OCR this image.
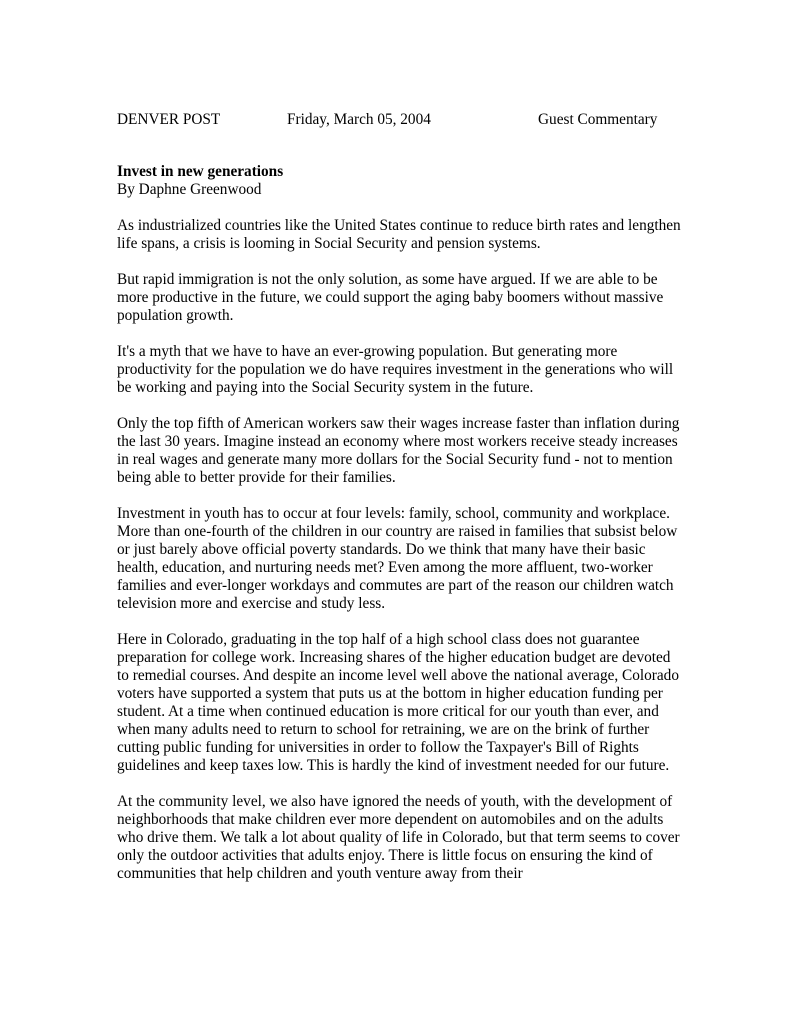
DENVER POST	Friday, March 05, 2004	Guest Commentary

Invest in new generations

By Daphne Greenwood

As industrialized countries like the United States continue to reduce birth rates and lengthen life spans, a crisis is looming in Social Security and pension systems.

But rapid immigration is not the only solution, as some have argued. If we are able to be more productive in the future, we could support the aging baby boomers without massive population growth.

It's a myth that we have to have an ever-growing population. But generating more productivity for the population we do have requires investment in the generations who will be working and paying into the Social Security system in the future.

Only the top fifth of American workers saw their wages increase faster than inflation during the last 30 years. Imagine instead an economy where most workers receive steady increases in real wages and generate many more dollars for the Social Security fund - not to mention being able to better provide for their families.

Investment in youth has to occur at four levels: family, school, community and workplace. More than one-fourth of the children in our country are raised in families that subsist below or just barely above official poverty standards. Do we think that many have their basic health, education, and nurturing needs met? Even among the more affluent, two-worker families and ever-longer workdays and commutes are part of the reason our children watch television more and exercise and study less.

Here in Colorado, graduating in the top half of a high school class does not guarantee preparation for college work. Increasing shares of the higher education budget are devoted to remedial courses. And despite an income level well above the national average, Colorado voters have supported a system that puts us at the bottom in higher education funding per student. At a time when continued education is more critical for our youth than ever, and when many adults need to return to school for retraining, we are on the brink of further cutting public funding for universities in order to follow the Taxpayer's Bill of Rights guidelines and keep taxes low. This is hardly the kind of investment needed for our future.

At the community level, we also have ignored the needs of youth, with the development of neighborhoods that make children ever more dependent on automobiles and on the adults who drive them. We talk a lot about quality of life in Colorado, but that term seems to cover only the outdoor activities that adults enjoy. There is little focus on ensuring the kind of communities that help children and youth venture away from their
